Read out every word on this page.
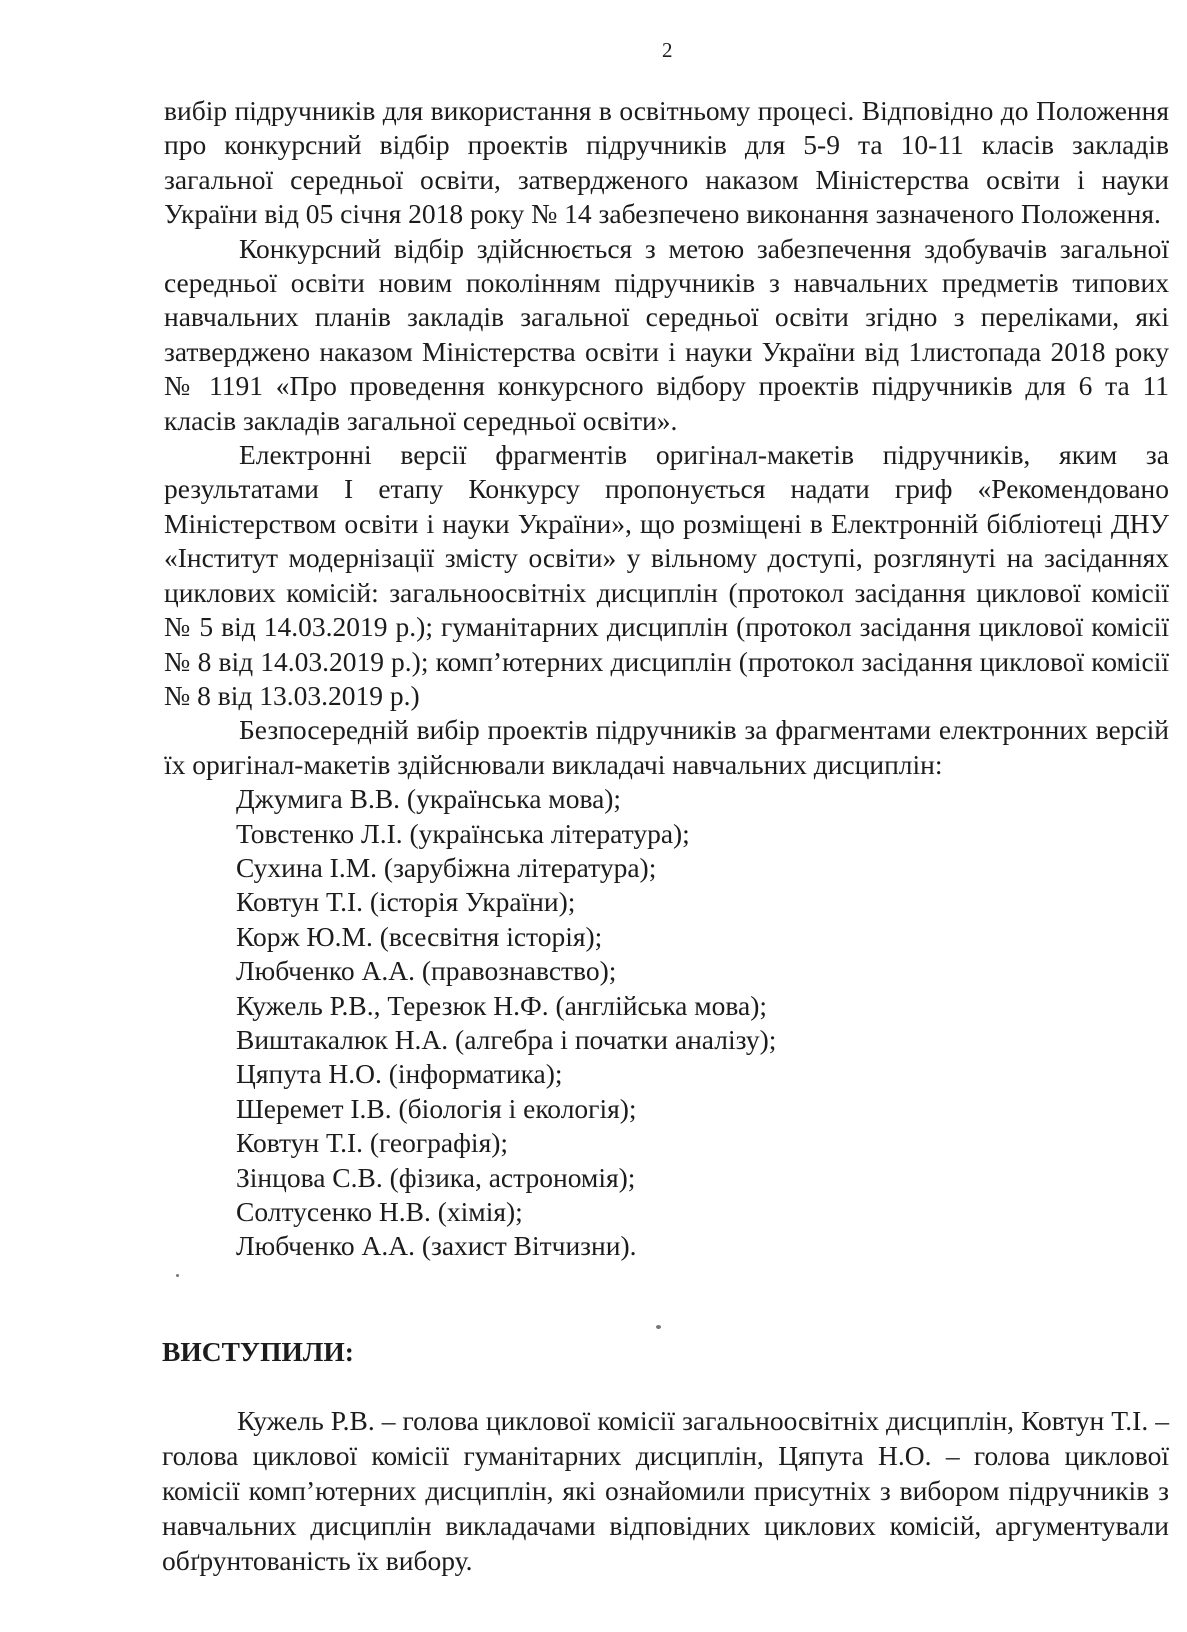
2

вибір підручників для використання в освітньому процесі. Відповідно до Положення про конкурсний відбір проектів підручників для 5-9 та 10-11 класів закладів загальної середньої освіти, затвердженого наказом Міністерства освіти і науки України від 05 січня 2018 року № 14 забезпечено виконання зазначеного Положення.

Конкурсний відбір здійснюється з метою забезпечення здобувачів загальної середньої освіти новим поколінням підручників з навчальних предметів типових навчальних планів закладів загальної середньої освіти згідно з переліками, які затверджено наказом Міністерства освіти і науки України від 1листопада 2018 року № 1191 «Про проведення конкурсного відбору проектів підручників для 6 та 11 класів закладів загальної середньої освіти».

Електронні версії фрагментів оригінал-макетів підручників, яким за результатами І етапу Конкурсу пропонується надати гриф «Рекомендовано Міністерством освіти і науки України», що розміщені в Електронній бібліотеці ДНУ «Інститут модернізації змісту освіти» у вільному доступі, розглянуті на засіданнях циклових комісій: загальноосвітніх дисциплін (протокол засідання циклової комісії № 5 від 14.03.2019 р.); гуманітарних дисциплін (протокол засідання циклової комісії № 8 від 14.03.2019 р.); комп’ютерних дисциплін (протокол засідання циклової комісії № 8 від 13.03.2019 р.)

Безпосередній вибір проектів підручників за фрагментами електронних версій їх оригінал-макетів здійснювали викладачі навчальних дисциплін:

Джумига В.В. (українська мова);
Товстенко Л.І. (українська література);
Сухина І.М. (зарубіжна література);
Ковтун Т.І. (історія України);
Корж Ю.М. (всесвітня історія);
Любченко А.А. (правознавство);
Кужель Р.В., Терезюк Н.Ф. (англійська мова);
Виштакалюк Н.А. (алгебра і початки аналізу);
Цяпута Н.О. (інформатика);
Шеремет І.В. (біологія і екологія);
Ковтун Т.І. (географія);
Зінцова С.В. (фізика, астрономія);
Солтусенко Н.В. (хімія);
Любченко А.А. (захист Вітчизни).
ВИСТУПИЛИ:

Кужель Р.В. – голова циклової комісії загальноосвітніх дисциплін, Ковтун Т.І. – голова циклової комісії гуманітарних дисциплін, Цяпута Н.О. – голова циклової комісії комп’ютерних дисциплін, які ознайомили присутніх з вибором підручників з навчальних дисциплін викладачами відповідних циклових комісій, аргументували обґрунтованість їх вибору.
